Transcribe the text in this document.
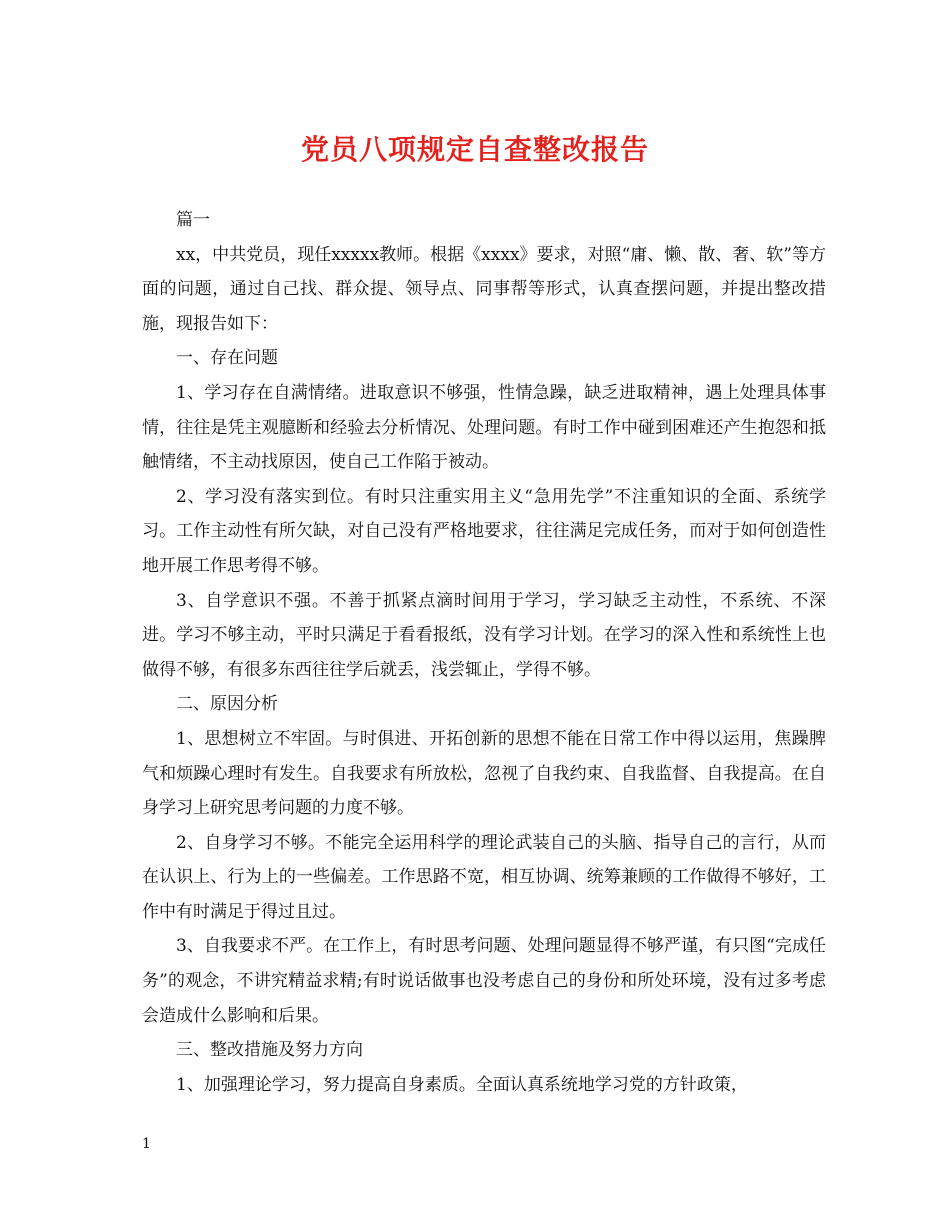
党员八项规定自查整改报告

篇一

xx，中共党员，现任xxxxx教师。根据《xxxx》要求，对照“庸、懒、散、奢、软”等方面的问题，通过自己找、群众提、领导点、同事帮等形式，认真查摆问题，并提出整改措施，现报告如下：

一、存在问题

1、学习存在自满情绪。进取意识不够强，性情急躁，缺乏进取精神，遇上处理具体事情，往往是凭主观臆断和经验去分析情况、处理问题。有时工作中碰到困难还产生抱怨和抵触情绪，不主动找原因，使自己工作陷于被动。

2、学习没有落实到位。有时只注重实用主义“急用先学”不注重知识的全面、系统学习。工作主动性有所欠缺，对自己没有严格地要求，往往满足完成任务，而对于如何创造性地开展工作思考得不够。

3、自学意识不强。不善于抓紧点滴时间用于学习，学习缺乏主动性，不系统、不深进。学习不够主动，平时只满足于看看报纸，没有学习计划。在学习的深入性和系统性上也做得不够，有很多东西往往学后就丢，浅尝辄止，学得不够。

二、原因分析

1、思想树立不牢固。与时俱进、开拓创新的思想不能在日常工作中得以运用，焦躁脾气和烦躁心理时有发生。自我要求有所放松，忽视了自我约束、自我监督、自我提高。在自身学习上研究思考问题的力度不够。

2、自身学习不够。不能完全运用科学的理论武装自己的头脑、指导自己的言行，从而在认识上、行为上的一些偏差。工作思路不宽，相互协调、统筹兼顾的工作做得不够好，工作中有时满足于得过且过。

3、自我要求不严。在工作上，有时思考问题、处理问题显得不够严谨，有只图“完成任务”的观念，不讲究精益求精;有时说话做事也没考虑自己的身份和所处环境，没有过多考虑会造成什么影响和后果。

三、整改措施及努力方向

1、加强理论学习，努力提高自身素质。全面认真系统地学习党的方针政策，

1
